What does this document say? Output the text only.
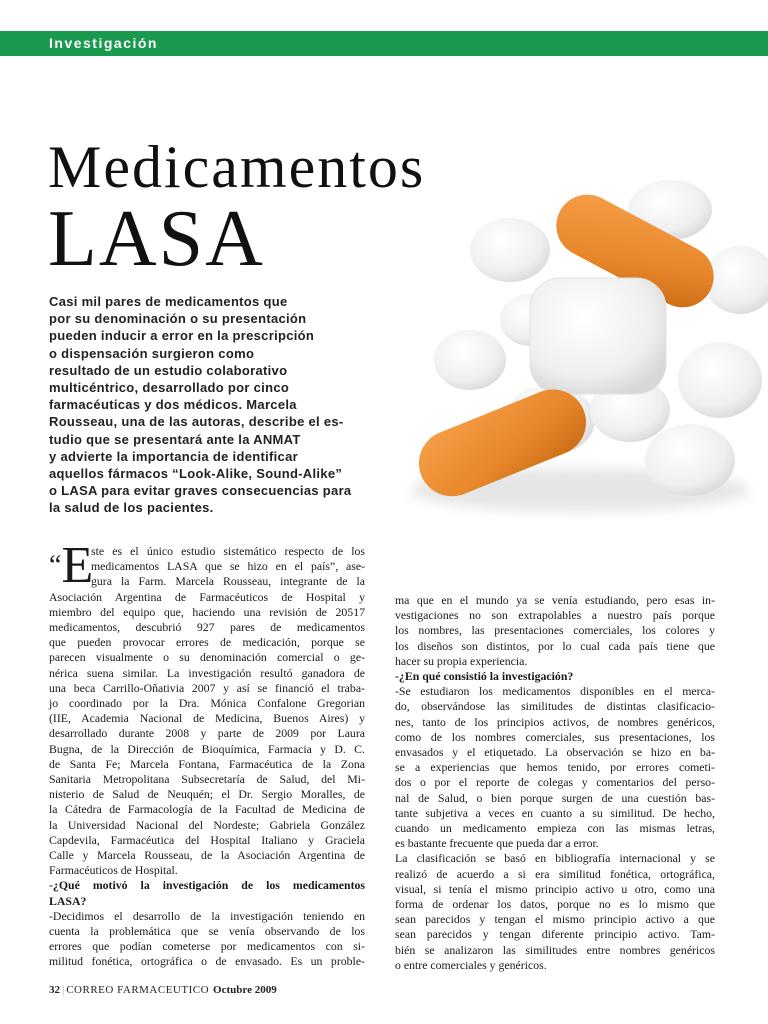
Investigación
Medicamentos
LASA
Casi mil pares de medicamentos que
por su denominación o su presentación
pueden inducir a error en la prescripción
o dispensación surgieron como
resultado de un estudio colaborativo
multicéntrico, desarrollado por cinco
farmacéuticas y dos médicos. Marcela
Rousseau, una de las autoras, describe el es-
tudio que se presentará ante la ANMAT
y advierte la importancia de identificar
aquellos fármacos “Look-Alike, Sound-Alike”
o LASA para evitar graves consecuencias para
la salud de los pacientes.
“E
ste es el único estudio sistemático respecto de los
medicamentos LASA que se hizo en el país”, ase-
gura la Farm. Marcela Rousseau, integrante de la
Asociación Argentina de Farmacéuticos de Hospital y
miembro del equipo que, haciendo una revisión de 20517
medicamentos, descubrió 927 pares de medicamentos
que pueden provocar errores de medicación, porque se
parecen visualmente o su denominación comercial o ge-
nérica suena similar. La investigación resultó ganadora de
una beca Carrillo-Oñativia 2007 y así se financió el traba-
jo coordinado por la Dra. Mónica Confalone Gregorian
(IIE, Academia Nacional de Medicina, Buenos Aires) y
desarrollado durante 2008 y parte de 2009 por Laura
Bugna, de la Dirección de Bioquímica, Farmacia y D. C.
de Santa Fe; Marcela Fontana, Farmacéutica de la Zona
Sanitaria Metropolitana Subsecretaría de Salud, del Mi-
nisterio de Salud de Neuquén; el Dr. Sergio Moralles, de
la Cátedra de Farmacología de la Facultad de Medicina de
la Universidad Nacional del Nordeste; Gabriela González
Capdevila, Farmacéutica del Hospital Italiano y Graciela
Calle y Marcela Rousseau, de la Asociación Argentina de
Farmacéuticos de Hospital.
-¿Qué motivó la investigación de los medicamentos
LASA?
-Decidimos el desarrollo de la investigación teniendo en
cuenta la problemática que se venía observando de los
errores que podían cometerse por medicamentos con si-
militud fonética, ortográfica o de envasado. Es un proble-
ma que en el mundo ya se venía estudiando, pero esas in-
vestigaciones no son extrapolables a nuestro país porque
los nombres, las presentaciones comerciales, los colores y
los diseños son distintos, por lo cual cada país tiene que
hacer su propia experiencia.
-¿En qué consistió la investigación?
-Se estudiaron los medicamentos disponibles en el merca-
do, observándose las similitudes de distintas clasificacio-
nes, tanto de los principios activos, de nombres genéricos,
como de los nombres comerciales, sus presentaciones, los
envasados y el etiquetado. La observación se hizo en ba-
se a experiencias que hemos tenido, por errores cometi-
dos o por el reporte de colegas y comentarios del perso-
nal de Salud, o bien porque surgen de una cuestión bas-
tante subjetiva a veces en cuanto a su similitud. De hecho,
cuando un medicamento empieza con las mismas letras,
es bastante frecuente que pueda dar a error.
La clasificación se basó en bibliografía internacional y se
realizó de acuerdo a si era similitud fonética, ortográfica,
visual, si tenía el mismo principio activo u otro, como una
forma de ordenar los datos, porque no es lo mismo que
sean parecidos y tengan el mismo principio activo a que
sean parecidos y tengan diferente principio activo. Tam-
bién se analizaron las similitudes entre nombres genéricos
o entre comerciales y genéricos.
32 | CORREO FARMACEUTICO Octubre 2009
